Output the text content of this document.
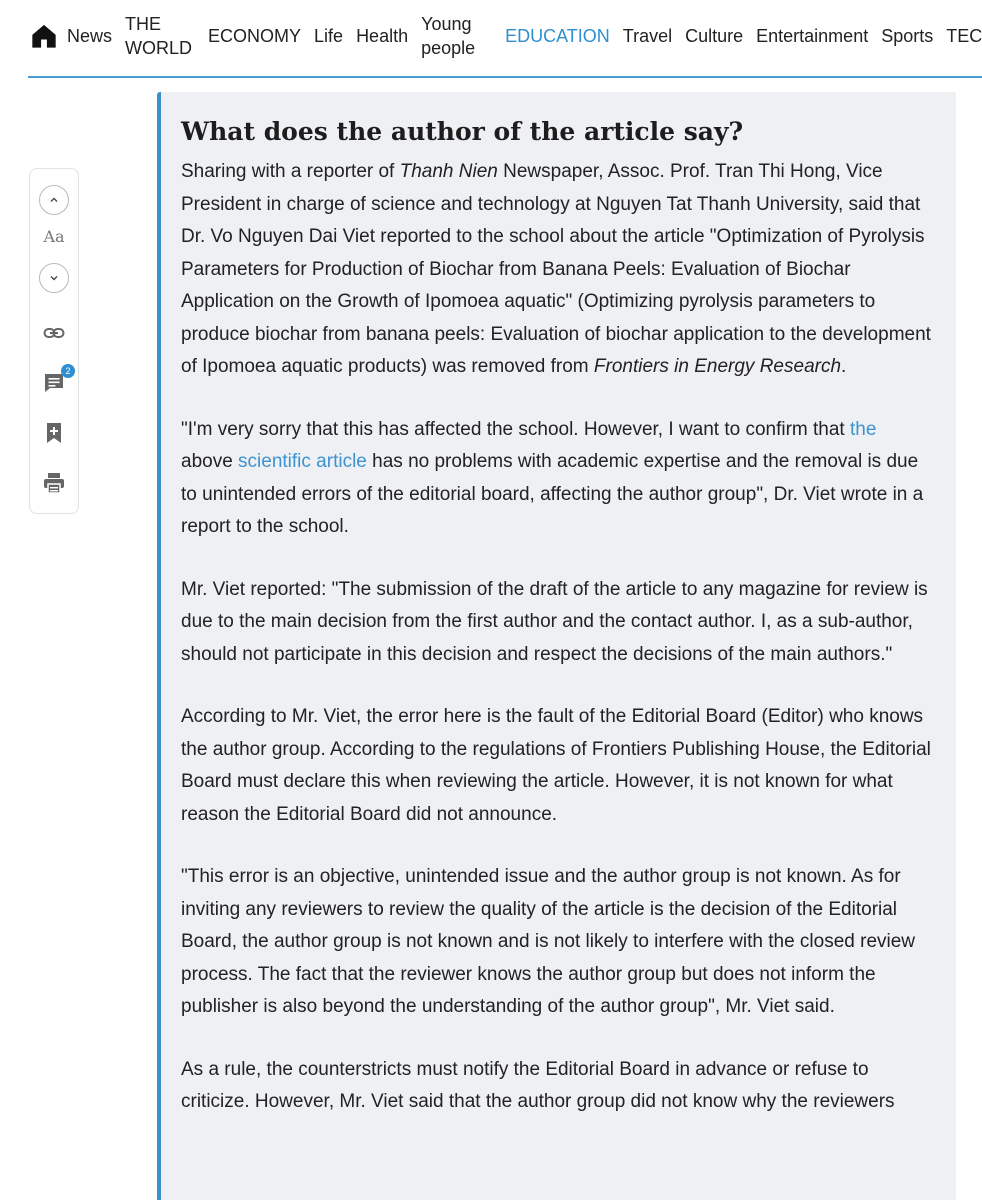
News
THE WORLD
ECONOMY Life Health
Young people
EDUCATION Travel Culture Entertainment Sports TEC
Aa
2
What does the author of the article say?

Sharing with a reporter of Thanh Nien Newspaper, Assoc. Prof. Tran Thi Hong, Vice President in charge of science and technology at Nguyen Tat Thanh University, said that Dr. Vo Nguyen Dai Viet reported to the school about the article "Optimization of Pyrolysis Parameters for Production of Biochar from Banana Peels: Evaluation of Biochar Application on the Growth of Ipomoea aquatic" (Optimizing pyrolysis parameters to produce biochar from banana peels: Evaluation of biochar application to the development of Ipomoea aquatic products) was removed from Frontiers in Energy Research.

"I'm very sorry that this has affected the school. However, I want to confirm that the above scientific article has no problems with academic expertise and the removal is due to unintended errors of the editorial board, affecting the author group", Dr. Viet wrote in a report to the school.

Mr. Viet reported: "The submission of the draft of the article to any magazine for review is due to the main decision from the first author and the contact author. I, as a sub-author, should not participate in this decision and respect the decisions of the main authors."

According to Mr. Viet, the error here is the fault of the Editorial Board (Editor) who knows the author group. According to the regulations of Frontiers Publishing House, the Editorial Board must declare this when reviewing the article. However, it is not known for what reason the Editorial Board did not announce.

"This error is an objective, unintended issue and the author group is not known. As for inviting any reviewers to review the quality of the article is the decision of the Editorial Board, the author group is not known and is not likely to interfere with the closed review process. The fact that the reviewer knows the author group but does not inform the publisher is also beyond the understanding of the author group", Mr. Viet said.

As a rule, the counterstricts must notify the Editorial Board in advance or refuse to criticize. However, Mr. Viet said that the author group did not know why the reviewers
